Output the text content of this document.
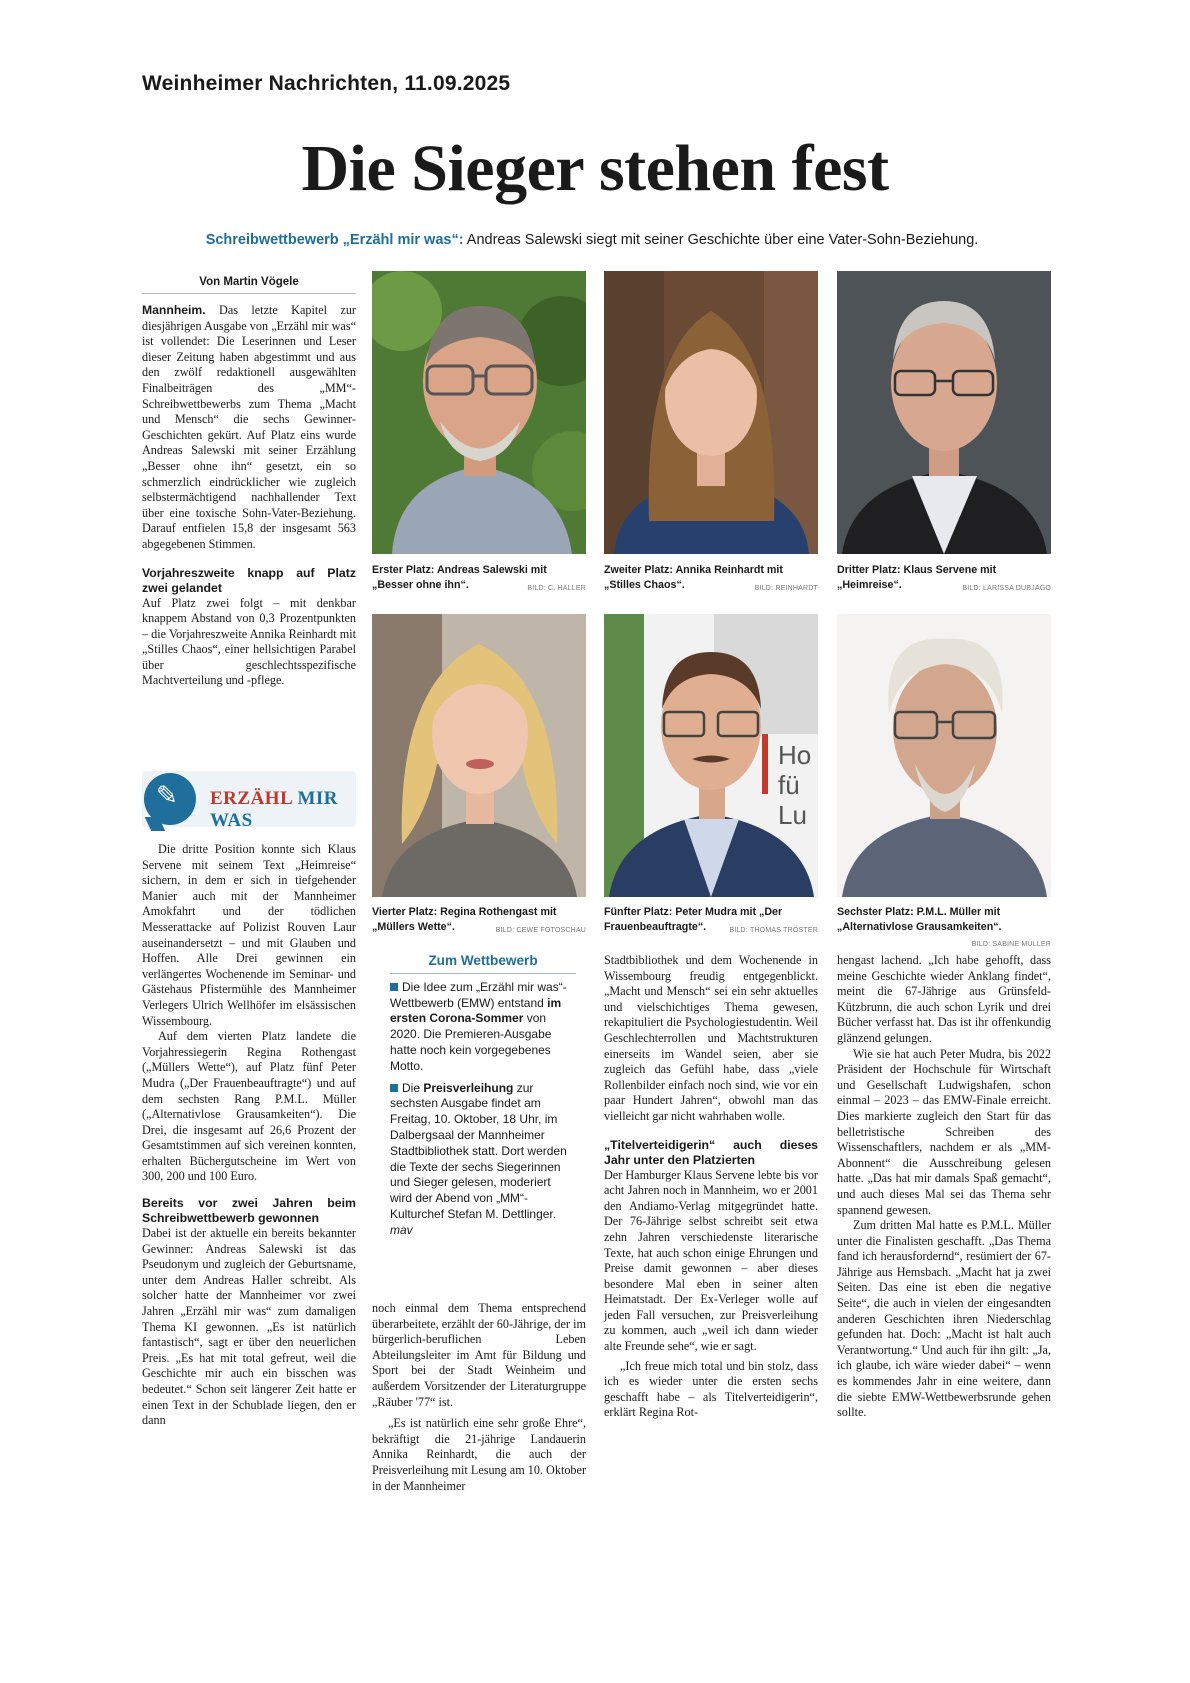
Weinheimer Nachrichten, 11.09.2025
Die Sieger stehen fest
Schreibwettbewerb „Erzähl mir was“: Andreas Salewski siegt mit seiner Geschichte über eine Vater-Sohn-Beziehung.
Von Martin Vögele

Mannheim. Das letzte Kapitel zur diesjährigen Ausgabe von „Erzähl mir was“ ist vollendet: Die Leserinnen und Leser dieser Zeitung haben abgestimmt und aus den zwölf redaktionell ausgewählten Finalbeiträgen des „MM“-Schreibwettbewerbs zum Thema „Macht und Mensch“ die sechs Gewinner-Geschichten gekürt. Auf Platz eins wurde Andreas Salewski mit seiner Erzählung „Besser ohne ihn“ gesetzt, ein so schmerzlich eindrücklicher wie zugleich selbstermächtigend nachhallender Text über eine toxische Sohn-Vater-Beziehung. Darauf entfielen 15,8 der insgesamt 563 abgegebenen Stimmen.

Vorjahreszweite knapp auf Platz zwei gelandet

Auf Platz zwei folgt – mit denkbar knappem Abstand von 0,3 Prozentpunkten – die Vorjahreszweite Annika Reinhardt mit „Stilles Chaos“, einer hellsichtigen Parabel über geschlechtsspezifische Machtverteilung und -pflege.

✎ ERZÄHL MIR WAS

Die dritte Position konnte sich Klaus Servene mit seinem Text „Heimreise“ sichern, in dem er sich in tiefgehender Manier auch mit der Mannheimer Amokfahrt und der tödlichen Messerattacke auf Polizist Rouven Laur auseinandersetzt – und mit Glauben und Hoffen. Alle Drei gewinnen ein verlängertes Wochenende im Seminar- und Gästehaus Pfistermühle des Mannheimer Verlegers Ulrich Wellhöfer im elsässischen Wissembourg.

Auf dem vierten Platz landete die Vorjahressiegerin Regina Rothengast („Müllers Wette“), auf Platz fünf Peter Mudra („Der Frauenbeauftragte“) und auf dem sechsten Rang P.M.L. Müller („Alternativlose Grausamkeiten“). Die Drei, die insgesamt auf 26,6 Prozent der Gesamtstimmen auf sich vereinen konnten, erhalten Büchergutscheine im Wert von 300, 200 und 100 Euro.

Bereits vor zwei Jahren beim Schreibwettbewerb gewonnen

Dabei ist der aktuelle ein bereits bekannter Gewinner: Andreas Salewski ist das Pseudonym und zugleich der Geburtsname, unter dem Andreas Haller schreibt. Als solcher hatte der Mannheimer vor zwei Jahren „Erzähl mir was“ zum damaligen Thema KI gewonnen. „Es ist natürlich fantastisch“, sagt er über den neuerlichen Preis. „Es hat mit total gefreut, weil die Geschichte mir auch ein bisschen was bedeutet.“ Schon seit längerer Zeit hatte er einen Text in der Schublade liegen, den er dann

Erster Platz: Andreas Salewski mit „Besser ohne ihn“.	BILD: C. HALLER
Zweiter Platz: Annika Reinhardt mit „Stilles Chaos“.	BILD: REINHARDT
Dritter Platz: Klaus Servene mit „Heimreise“.	BILD: LARISSA DUBJAGO
Ho
fü
Lu
Vierter Platz: Regina Rothengast mit „Müllers Wette“.	BILD: CEWE FOTOSCHAU
Fünfter Platz: Peter Mudra mit „Der Frauenbeauftragte“.	BILD: THOMAS TRÖSTER
Sechster Platz: P.M.L. Müller mit „Alternativlose Grausamkeiten“.
BILD: SABINE MÜLLER
Zum Wettbewerb

Die Idee zum „Erzähl mir was“-Wettbewerb (EMW) entstand im ersten Corona-Sommer von 2020. Die Premieren-Ausgabe hatte noch kein vorgegebenes Motto.

Die Preisverleihung zur sechsten Ausgabe findet am Freitag, 10. Oktober, 18 Uhr, im Dalbergsaal der Mannheimer Stadtbibliothek statt. Dort werden die Texte der sechs Siegerinnen und Sieger gelesen, moderiert wird der Abend von „MM“-Kulturchef Stefan M. Dettlinger. mav

noch einmal dem Thema entsprechend überarbeitete, erzählt der 60-Jährige, der im bürgerlich-beruflichen Leben Abteilungsleiter im Amt für Bildung und Sport bei der Stadt Weinheim und außerdem Vorsitzender der Literaturgruppe „Räuber '77“ ist.

„Es ist natürlich eine sehr große Ehre“, bekräftigt die 21-jährige Landauerin Annika Reinhardt, die auch der Preisverleihung mit Lesung am 10. Oktober in der Mannheimer

Stadtbibliothek und dem Wochenende in Wissembourg freudig entgegenblickt. „Macht und Mensch“ sei ein sehr aktuelles und vielschichtiges Thema gewesen, rekapituliert die Psychologiestudentin. Weil Geschlechterrollen und Machtstrukturen einerseits im Wandel seien, aber sie zugleich das Gefühl habe, dass „viele Rollenbilder einfach noch sind, wie vor ein paar Hundert Jahren“, obwohl man das vielleicht gar nicht wahrhaben wolle.

„Titelverteidigerin“ auch dieses Jahr unter den Platzierten

Der Hamburger Klaus Servene lebte bis vor acht Jahren noch in Mannheim, wo er 2001 den Andiamo-Verlag mitgegründet hatte. Der 76-Jährige selbst schreibt seit etwa zehn Jahren verschiedenste literarische Texte, hat auch schon einige Ehrungen und Preise damit gewonnen – aber dieses besondere Mal eben in seiner alten Heimatstadt. Der Ex-Verleger wolle auf jeden Fall versuchen, zur Preisverleihung zu kommen, auch „weil ich dann wieder alte Freunde sehe“, wie er sagt.

„Ich freue mich total und bin stolz, dass ich es wieder unter die ersten sechs geschafft habe – als Titelverteidigerin“, erklärt Regina Rot-

hengast lachend. „Ich habe gehofft, dass meine Geschichte wieder Anklang findet“, meint die 67-Jährige aus Grünsfeld-Kützbrunn, die auch schon Lyrik und drei Bücher verfasst hat. Das ist ihr offenkundig glänzend gelungen.

Wie sie hat auch Peter Mudra, bis 2022 Präsident der Hochschule für Wirtschaft und Gesellschaft Ludwigshafen, schon einmal – 2023 – das EMW-Finale erreicht. Dies markierte zugleich den Start für das belletristische Schreiben des Wissenschaftlers, nachdem er als „MM-Abonnent“ die Ausschreibung gelesen hatte. „Das hat mir damals Spaß gemacht“, und auch dieses Mal sei das Thema sehr spannend gewesen.

Zum dritten Mal hatte es P.M.L. Müller unter die Finalisten geschafft. „Das Thema fand ich herausfordernd“, resümiert der 67-Jährige aus Hemsbach. „Macht hat ja zwei Seiten. Das eine ist eben die negative Seite“, die auch in vielen der eingesandten anderen Geschichten ihren Niederschlag gefunden hat. Doch: „Macht ist halt auch Verantwortung.“ Und auch für ihn gilt: „Ja, ich glaube, ich wäre wieder dabei“ – wenn es kommendes Jahr in eine weitere, dann die siebte EMW-Wettbewerbsrunde gehen sollte.
